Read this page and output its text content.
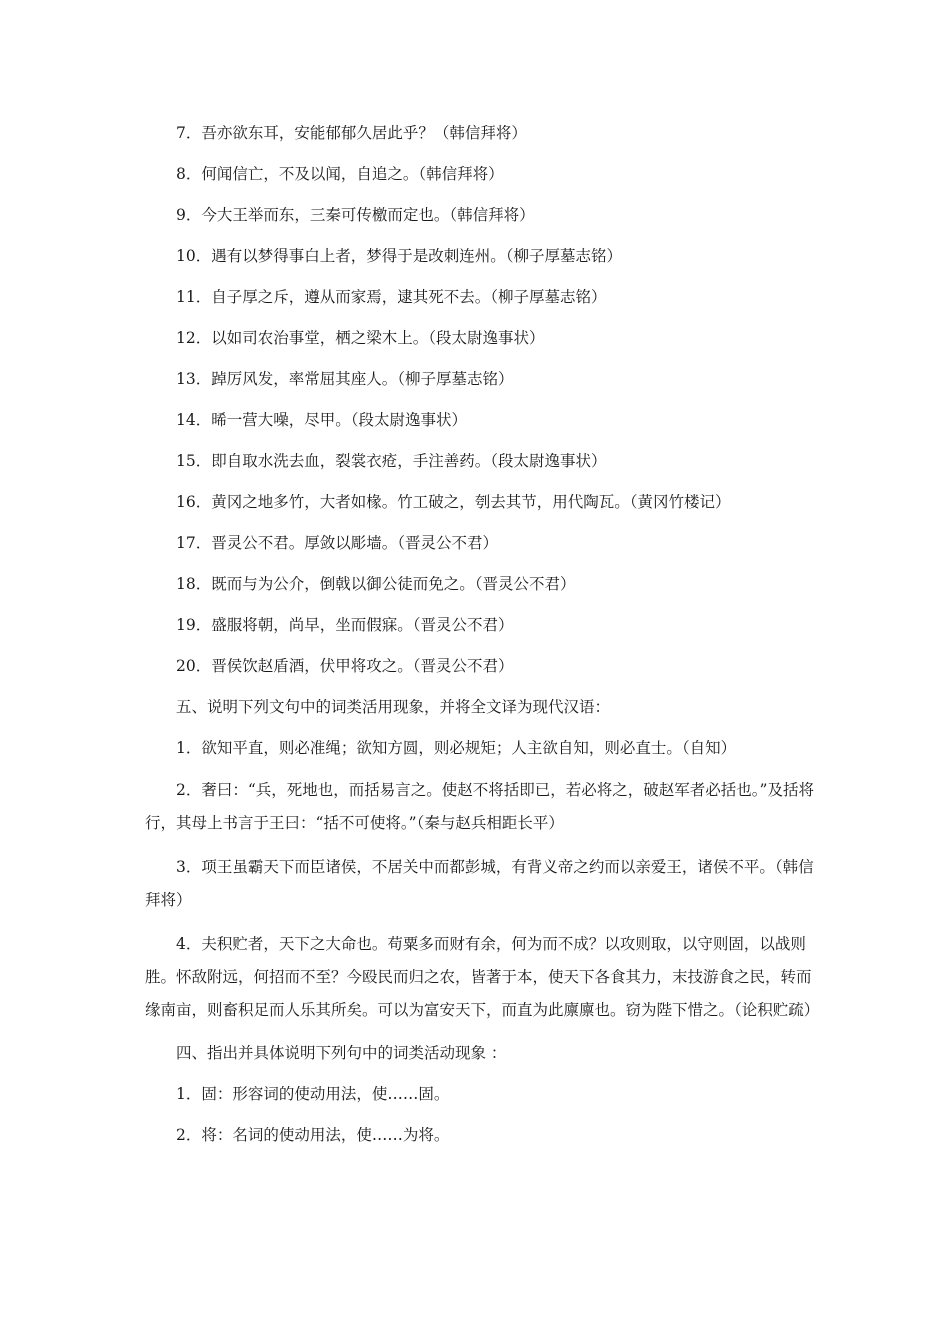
7．吾亦欲东耳，安能郁郁久居此乎？（韩信拜将）

8．何闻信亡，不及以闻，自追之。（韩信拜将）

9．今大王举而东，三秦可传檄而定也。（韩信拜将）

10．遇有以梦得事白上者，梦得于是改刺连州。（柳子厚墓志铭）

11．自子厚之斥，遵从而家焉，逮其死不去。（柳子厚墓志铭）

12．以如司农治事堂，栖之梁木上。（段太尉逸事状）

13．踔厉风发，率常屈其座人。（柳子厚墓志铭）

14．晞一营大噪，尽甲。（段太尉逸事状）

15．即自取水洗去血，裂裳衣疮，手注善药。（段太尉逸事状）

16．黄冈之地多竹，大者如椽。竹工破之，刳去其节，用代陶瓦。（黄冈竹楼记）

17．晋灵公不君。厚敛以彫墙。（晋灵公不君）

18．既而与为公介，倒戟以御公徒而免之。（晋灵公不君）

19．盛服将朝，尚早，坐而假寐。（晋灵公不君）

20．晋侯饮赵盾酒，伏甲将攻之。（晋灵公不君）

五、说明下列文句中的词类活用现象，并将全文译为现代汉语：

1．欲知平直，则必准绳；欲知方圆，则必规矩；人主欲自知，则必直士。（自知）

2．奢曰：“兵，死地也，而括易言之。使赵不将括即已，若必将之，破赵军者必括也。”及括将行，其母上书言于王曰：“括不可使将。”（秦与赵兵相距长平）

3．项王虽霸天下而臣诸侯，不居关中而都彭城，有背义帝之约而以亲爱王，诸侯不平。（韩信拜将）

4．夫积贮者，天下之大命也。苟粟多而财有余，何为而不成？以攻则取，以守则固，以战则胜。怀敌附远，何招而不至？今殴民而归之农，皆著于本，使天下各食其力，末技游食之民，转而缘南亩，则畜积足而人乐其所矣。可以为富安天下，而直为此廪廪也。窃为陛下惜之。（论积贮疏）

四、指出并具体说明下列句中的词类活动现象 ：

1．固：形容词的使动用法，使……固。

2．将：名词的使动用法，使……为将。
